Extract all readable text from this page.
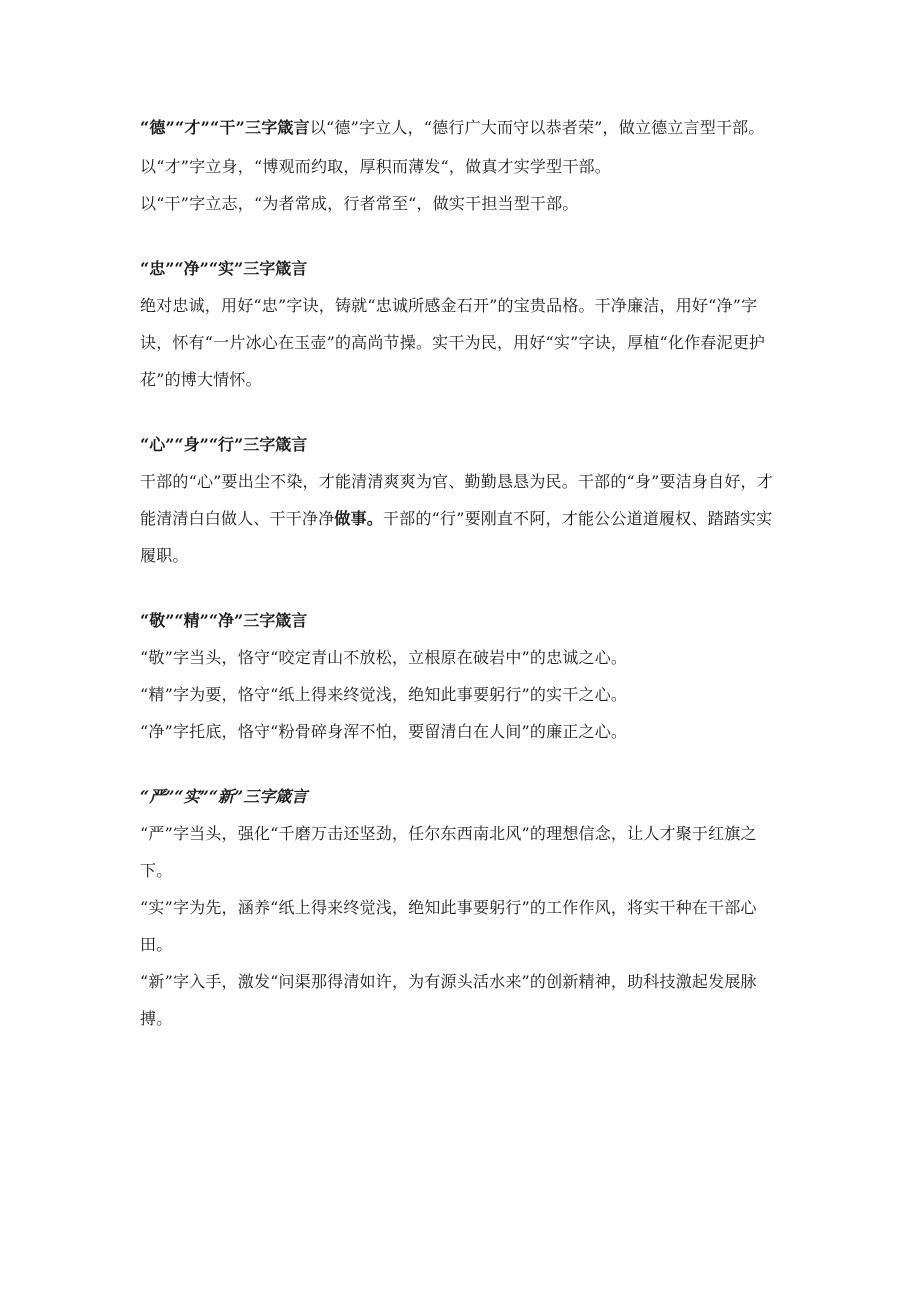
“德”“才”“干”三字箴言以“德”字立人，“德行广大而守以恭者荣”，做立德立言型干部。

以“才”字立身，“博观而约取，厚积而薄发“，做真才实学型干部。

以“干”字立志，“为者常成，行者常至“，做实干担当型干部。

“忠”“净”“实”三字箴言

绝对忠诚，用好“忠”字诀，铸就“忠诚所感金石开”的宝贵品格。干净廉洁，用好“净”字诀，怀有“一片冰心在玉壶”的高尚节操。实干为民，用好“实”字诀，厚植“化作春泥更护花”的博大情怀。

“心”“身”“行”三字箴言

干部的“心”要出尘不染，才能清清爽爽为官、勤勤恳恳为民。干部的“身”要洁身自好，才能清清白白做人、干干净净做事。干部的“行”要刚直不阿，才能公公道道履权、踏踏实实履职。

“敬”“精”“净”三字箴言

“敬”字当头，恪守“咬定青山不放松，立根原在破岩中”的忠诚之心。

“精”字为要，恪守“纸上得来终觉浅，绝知此事要躬行”的实干之心。

“净”字托底，恪守“粉骨碎身浑不怕，要留清白在人间”的廉正之心。

“严”“实”“新”三字箴言

“严”字当头，强化“千磨万击还坚劲，任尔东西南北风”的理想信念，让人才聚于红旗之下。

“实”字为先，涵养“纸上得来终觉浅，绝知此事要躬行”的工作作风，将实干种在干部心田。

“新”字入手，激发“问渠那得清如许，为有源头活水来”的创新精神，助科技激起发展脉搏。
